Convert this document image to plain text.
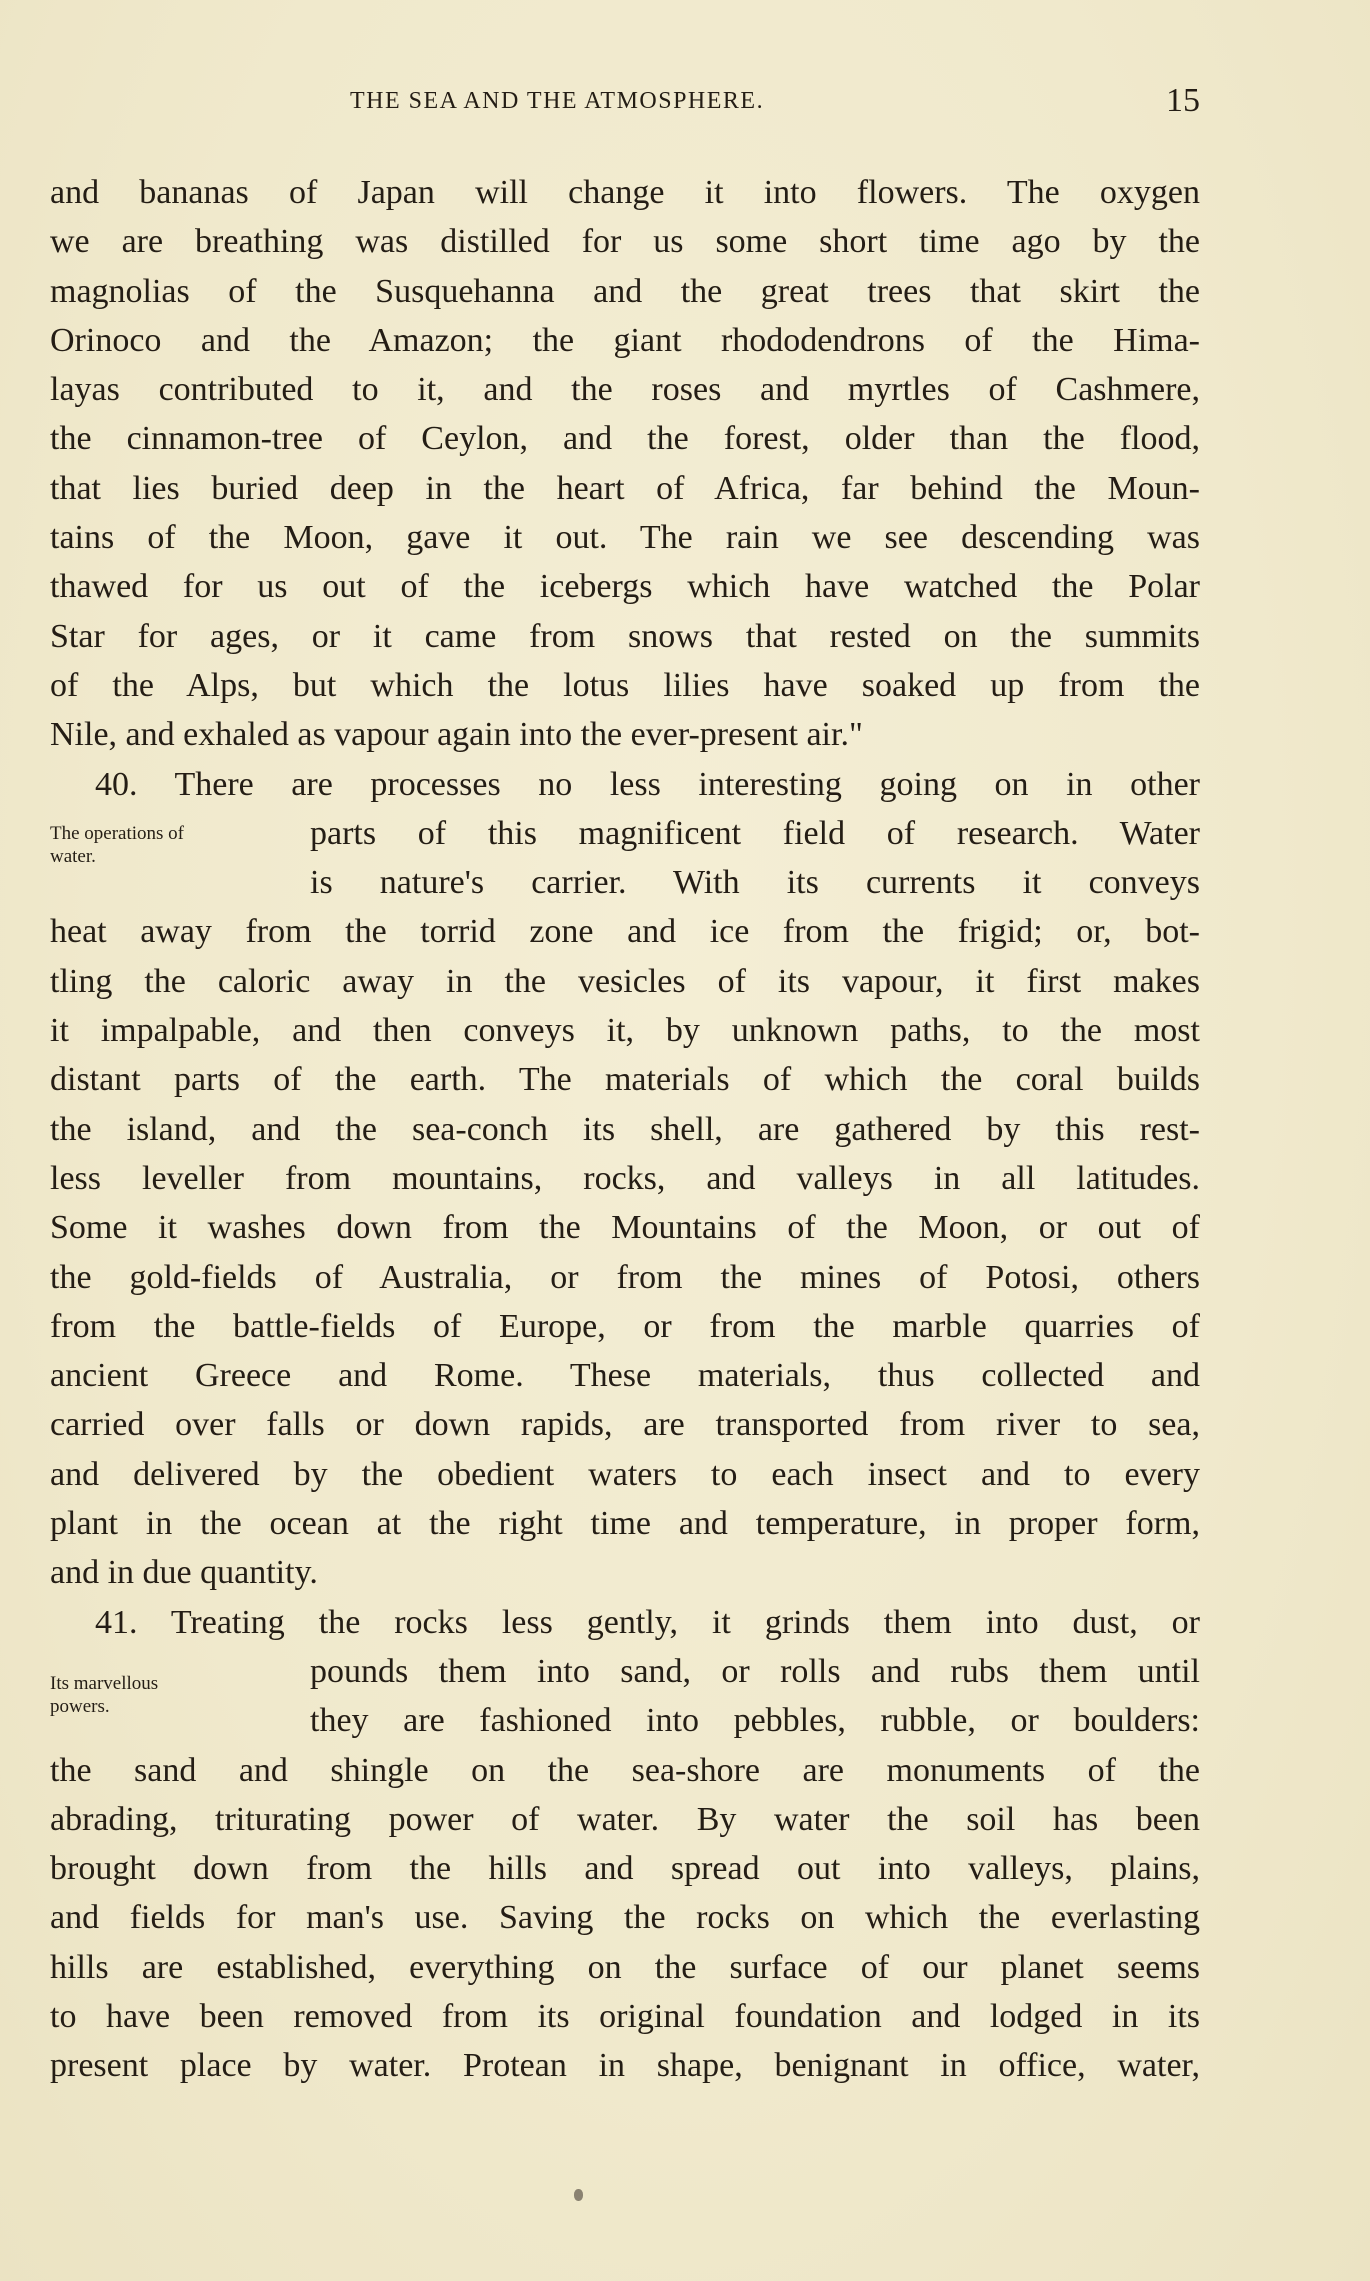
THE SEA AND THE ATMOSPHERE.	15
The operations of
water.
Its marvellous
powers.
and bananas of Japan will change it into flowers. The oxygen
we are breathing was distilled for us some short time ago by the
magnolias of the Susquehanna and the great trees that skirt the
Orinoco and the Amazon; the giant rhododendrons of the Hima-
layas contributed to it, and the roses and myrtles of Cashmere,
the cinnamon-tree of Ceylon, and the forest, older than the flood,
that lies buried deep in the heart of Africa, far behind the Moun-
tains of the Moon, gave it out. The rain we see descending was
thawed for us out of the icebergs which have watched the Polar
Star for ages, or it came from snows that rested on the summits
of the Alps, but which the lotus lilies have soaked up from the
Nile, and exhaled as vapour again into the ever-present air."
40. There are processes no less interesting going on in other
parts of this magnificent field of research. Water
is nature's carrier. With its currents it conveys
heat away from the torrid zone and ice from the frigid; or, bot-
tling the caloric away in the vesicles of its vapour, it first makes
it impalpable, and then conveys it, by unknown paths, to the most
distant parts of the earth. The materials of which the coral builds
the island, and the sea-conch its shell, are gathered by this rest-
less leveller from mountains, rocks, and valleys in all latitudes.
Some it washes down from the Mountains of the Moon, or out of
the gold-fields of Australia, or from the mines of Potosi, others
from the battle-fields of Europe, or from the marble quarries of
ancient Greece and Rome. These materials, thus collected and
carried over falls or down rapids, are transported from river to sea,
and delivered by the obedient waters to each insect and to every
plant in the ocean at the right time and temperature, in proper form,
and in due quantity.
41. Treating the rocks less gently, it grinds them into dust, or
pounds them into sand, or rolls and rubs them until
they are fashioned into pebbles, rubble, or boulders:
the sand and shingle on the sea-shore are monuments of the
abrading, triturating power of water. By water the soil has been
brought down from the hills and spread out into valleys, plains,
and fields for man's use. Saving the rocks on which the everlasting
hills are established, everything on the surface of our planet seems
to have been removed from its original foundation and lodged in its
present place by water. Protean in shape, benignant in office, water,
